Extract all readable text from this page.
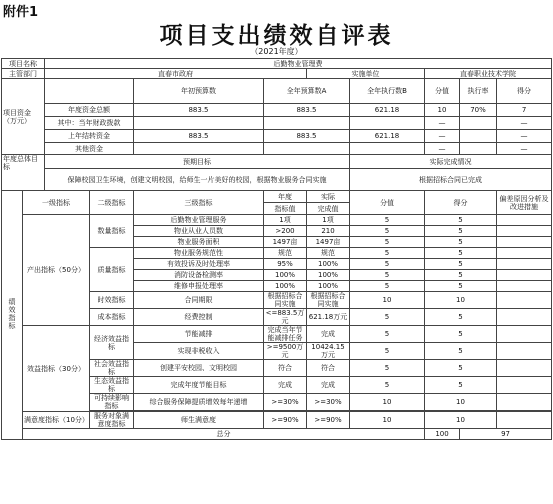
附件1
项目支出绩效自评表
（2021年度）
项目名称		后勤物业管理费									
主管部门		直春市政府				实施单位		直春职业技术学院			
项目资金（万元）				年初预算数	全年预算数A		全年执行数B	分值	执行率	得分	
		年度资金总额		883.5	883.5		621.18	10	70%	7	
		其中：当年财政拨款						—		—	
		上年结转资金		883.5	883.5		621.18	—		—	
		其他资金						—		—	
年度总体目标		预期目标					实际完成情况				
		保障校园卫生环境，创建文明校园，给师生一片美好的校园，根据物业服务合同实施					根据招标合同已完成				
绩效指标	一级指标		二级指标	三级指标	年度	实际	分值	得分		偏差原因分析及改进措施	
					指标值	完成值					
	产出指标（50分）		数量指标	后勤物业管理服务	1项	1项	5	5			
				物业从业人员数	>200	210	5	5			
				物业服务面积	1497亩	1497亩	5	5			
			质量指标	物业服务规范性	规范	规范	5	5			
				有效投诉及时处理率	95%	100%	5	5			
				消防设备检测率	100%	100%	5	5			
				维修申报处理率	100%	100%	5	5			
			时效指标	合同期限	根据招标合同实施	根据招标合同实施	10	10			
			成本指标	经费控制	<=883.5万元	621.18万元	5	5			
	效益指标（30分）		经济效益指标	节能减排	完成当年节能减排任务	完成	5	5			
				实现非税收入	>=9500万元	10424.15万元	5	5			
			社会效益指标	创建平安校园、文明校园	符合	符合	5	5			
			生态效益指标	完成年度节能目标	完成	完成	5	5			
			可持续影响指标	综合服务保障提质增效每年递增	>=30%	>=30%	10	10			

	满意度指标（10分）		服务对象满意度指标	师生满意度	>=90%	>=90%	10	10			
	总分							100	97		
